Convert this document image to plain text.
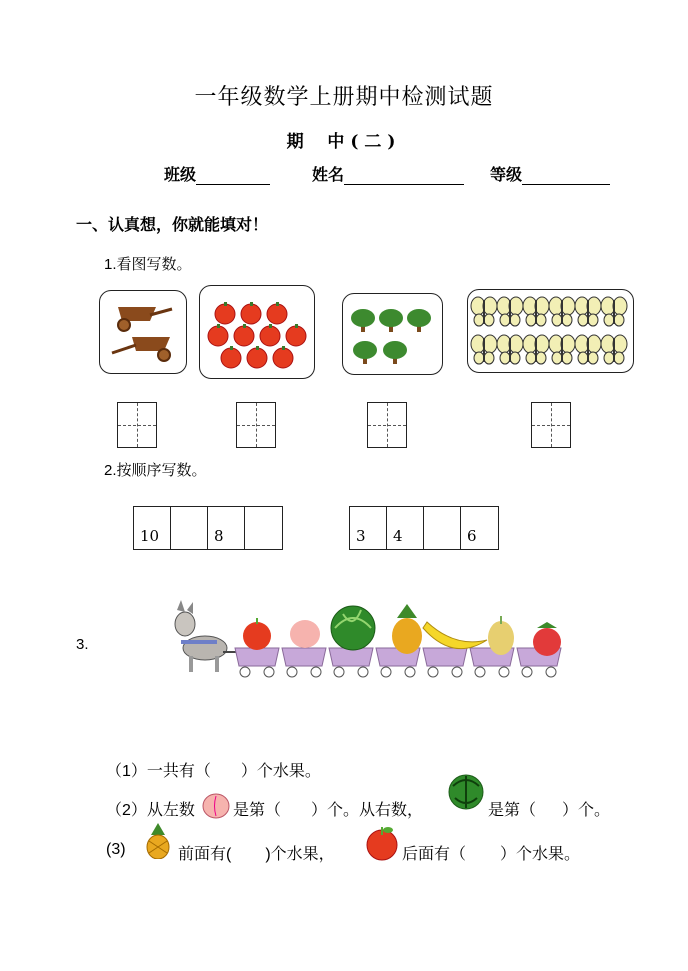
一年级数学上册期中检测试题
期 中(二)
班级	姓名	等级
一、认真想，你就能填对！
1.看图写数。
2.按顺序写数。
10	8	3	4	6
3.
（1）一共有（ ）个水果。
（2）从左数 是第（ ）个。从右数，	是第（ ）个。
(3)	前面有( )个水果，	后面有（ ）个水果。
